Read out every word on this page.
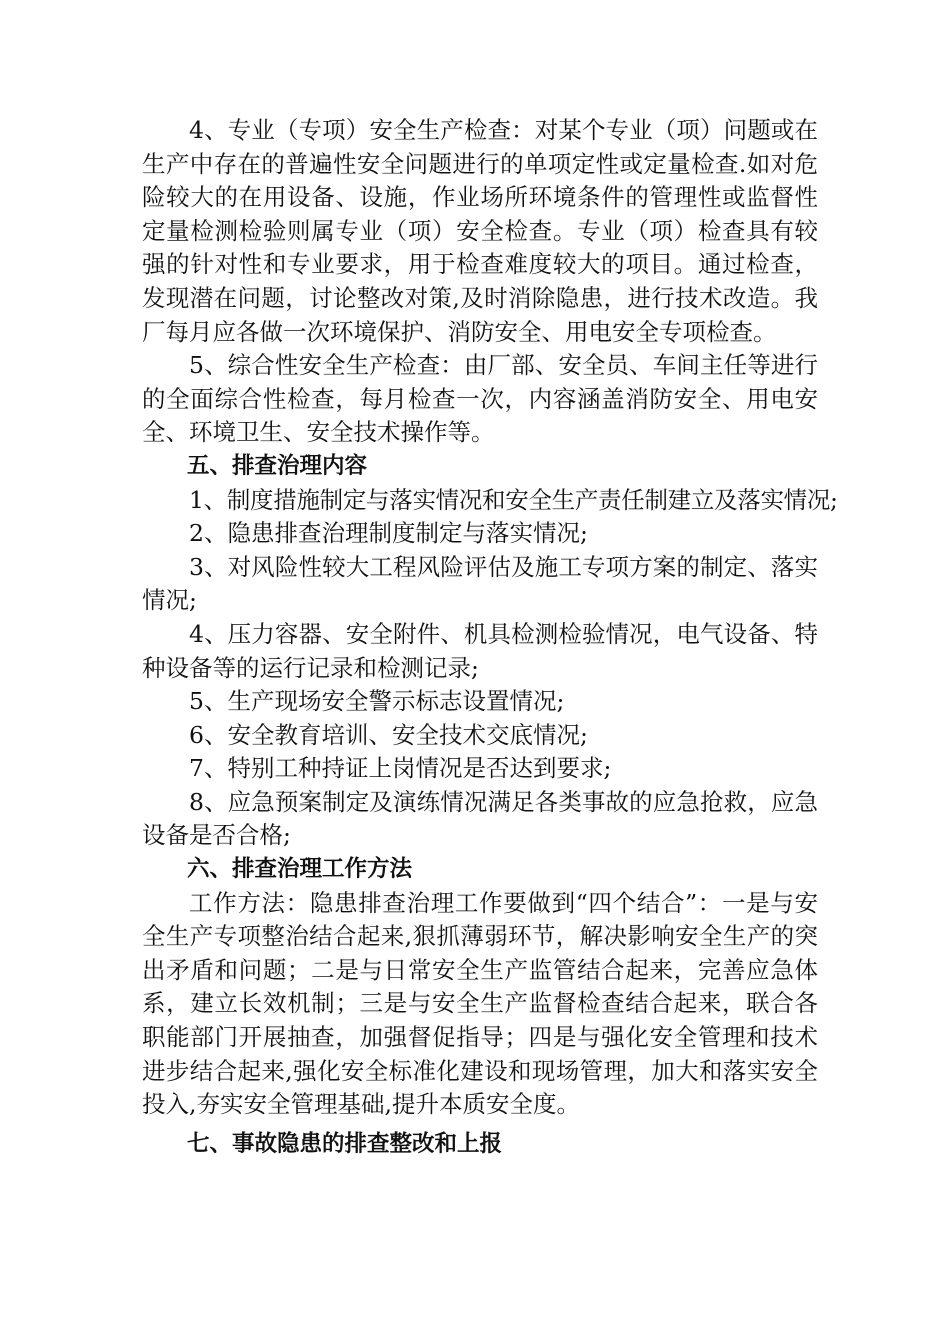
4、专业（专项）安全生产检查：对某个专业（项）问题或在生产中存在的普遍性安全问题进行的单项定性或定量检查.如对危险较大的在用设备、设施，作业场所环境条件的管理性或监督性定量检测检验则属专业（项）安全检查。专业（项）检查具有较强的针对性和专业要求，用于检查难度较大的项目。通过检查，发现潜在问题，讨论整改对策,及时消除隐患，进行技术改造。我厂每月应各做一次环境保护、消防安全、用电安全专项检查。

5、综合性安全生产检查：由厂部、安全员、车间主任等进行的全面综合性检查，每月检查一次，内容涵盖消防安全、用电安全、环境卫生、安全技术操作等。

五、排查治理内容

1、制度措施制定与落实情况和安全生产责任制建立及落实情况;

2、隐患排查治理制度制定与落实情况;

3、对风险性较大工程风险评估及施工专项方案的制定、落实情况;

4、压力容器、安全附件、机具检测检验情况，电气设备、特种设备等的运行记录和检测记录;

5、生产现场安全警示标志设置情况;

6、安全教育培训、安全技术交底情况;

7、特别工种持证上岗情况是否达到要求;

8、应急预案制定及演练情况满足各类事故的应急抢救，应急设备是否合格;

六、排查治理工作方法

工作方法：隐患排查治理工作要做到“四个结合”：一是与安全生产专项整治结合起来,狠抓薄弱环节，解决影响安全生产的突出矛盾和问题；二是与日常安全生产监管结合起来，完善应急体系，建立长效机制；三是与安全生产监督检查结合起来，联合各职能部门开展抽查，加强督促指导；四是与强化安全管理和技术进步结合起来,强化安全标准化建设和现场管理，加大和落实安全投入,夯实安全管理基础,提升本质安全度。

七、事故隐患的排查整改和上报
